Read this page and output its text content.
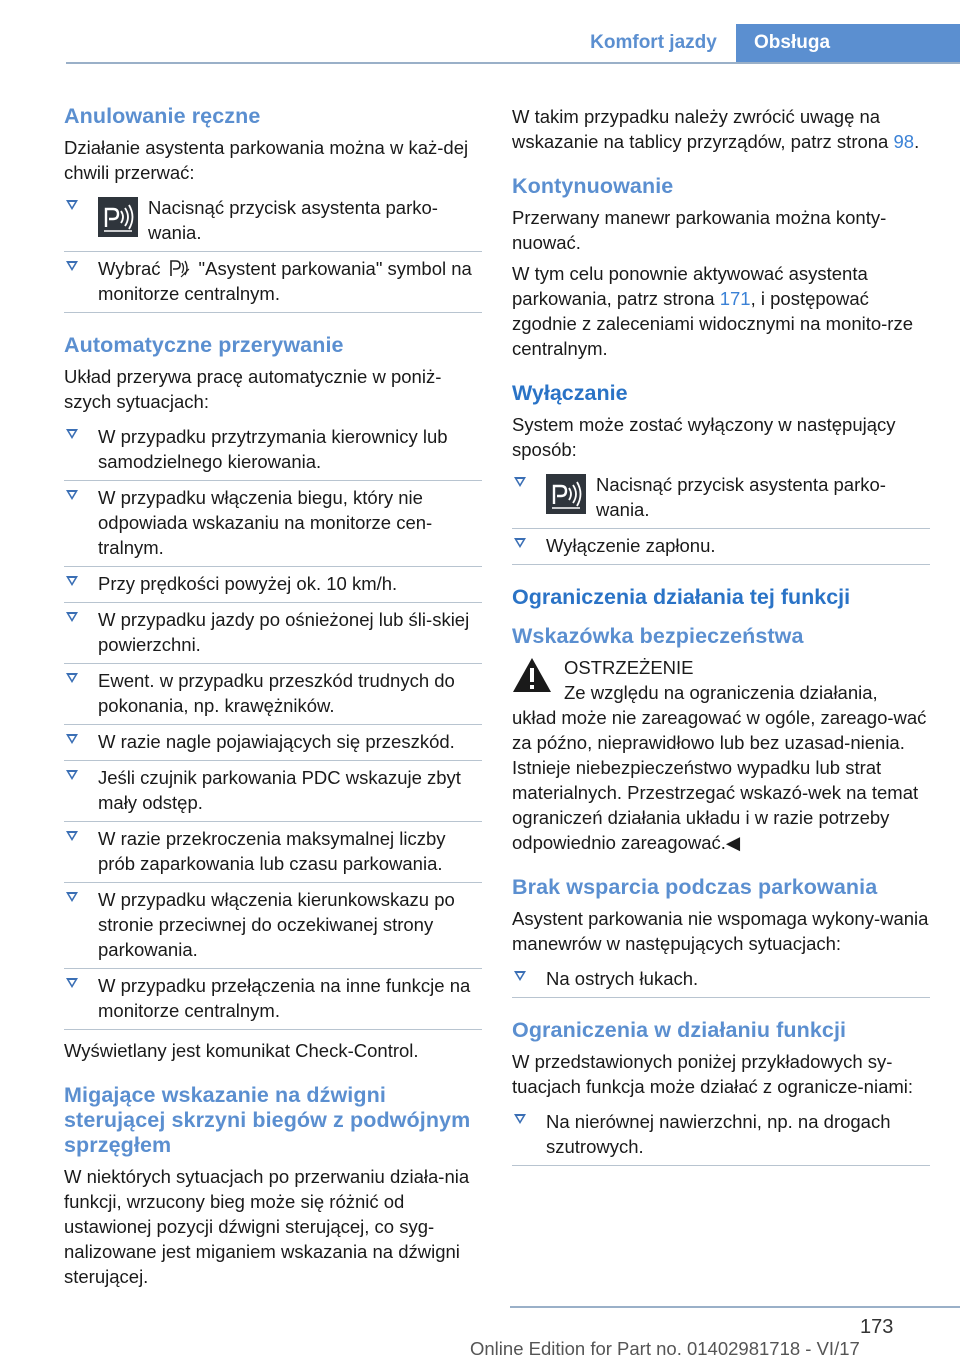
Komfort jazdy	Obsługa
Anulowanie ręczne

Działanie asystenta parkowania można w każ‐dej chwili przerwać:

Nacisnąć przycisk asystenta parko‐wania.
Wybrać "Asystent parkowania" symbol na monitorze centralnym.
Automatyczne przerywanie

Układ przerywa pracę automatycznie w poniż‐szych sytuacjach:

W przypadku przytrzymania kierownicy lub samodzielnego kierowania.
W przypadku włączenia biegu, który nie odpowiada wskazaniu na monitorze cen‐tralnym.
Przy prędkości powyżej ok. 10 km/h.
W przypadku jazdy po ośnieżonej lub śli‐skiej powierzchni.
Ewent. w przypadku przeszkód trudnych do pokonania, np. krawężników.
W razie nagle pojawiających się przeszkód.
Jeśli czujnik parkowania PDC wskazuje zbyt mały odstęp.
W razie przekroczenia maksymalnej liczby prób zaparkowania lub czasu parkowania.
W przypadku włączenia kierunkowskazu po stronie przeciwnej do oczekiwanej strony parkowania.
W przypadku przełączenia na inne funkcje na monitorze centralnym.

Wyświetlany jest komunikat Check-Control.

Migające wskazanie na dźwigni sterującej skrzyni biegów z podwójnym sprzęgłem

W niektórych sytuacjach po przerwaniu działa‐nia funkcji, wrzucony bieg może się różnić od ustawionej pozycji dźwigni sterującej, co syg‐nalizowane jest miganiem wskazania na dźwigni sterującej.

W takim przypadku należy zwrócić uwagę na wskazanie na tablicy przyrządów, patrz strona 98.

Kontynuowanie

Przerwany manewr parkowania można konty‐nuować.

W tym celu ponownie aktywować asystenta parkowania, patrz strona 171, i postępować zgodnie z zaleceniami widocznymi na monito‐rze centralnym.

Wyłączanie

System może zostać wyłączony w następujący sposób:

Nacisnąć przycisk asystenta parko‐wania.
Wyłączenie zapłonu.
Ograniczenia działania tej funkcji
Wskazówka bezpieczeństwa
OSTRZEŻENIE
Ze względu na ograniczenia działania,
układ może nie zareagować w ogóle, zareago‐wać za późno, nieprawidłowo lub bez uzasad‐nienia. Istnieje niebezpieczeństwo wypadku lub strat materialnych. Przestrzegać wskazó‐wek na temat ograniczeń działania układu i w razie potrzeby odpowiednio zareagować.◀
Brak wsparcia podczas parkowania

Asystent parkowania nie wspomaga wykony‐wania manewrów w następujących sytuacjach:

Na ostrych łukach.
Ograniczenia w działaniu funkcji

W przedstawionych poniżej przykładowych sy‐tuacjach funkcja może działać z ogranicze‐niami:

Na nierównej nawierzchni, np. na drogach szutrowych.
173
Online Edition for Part no. 01402981718 - VI/17
